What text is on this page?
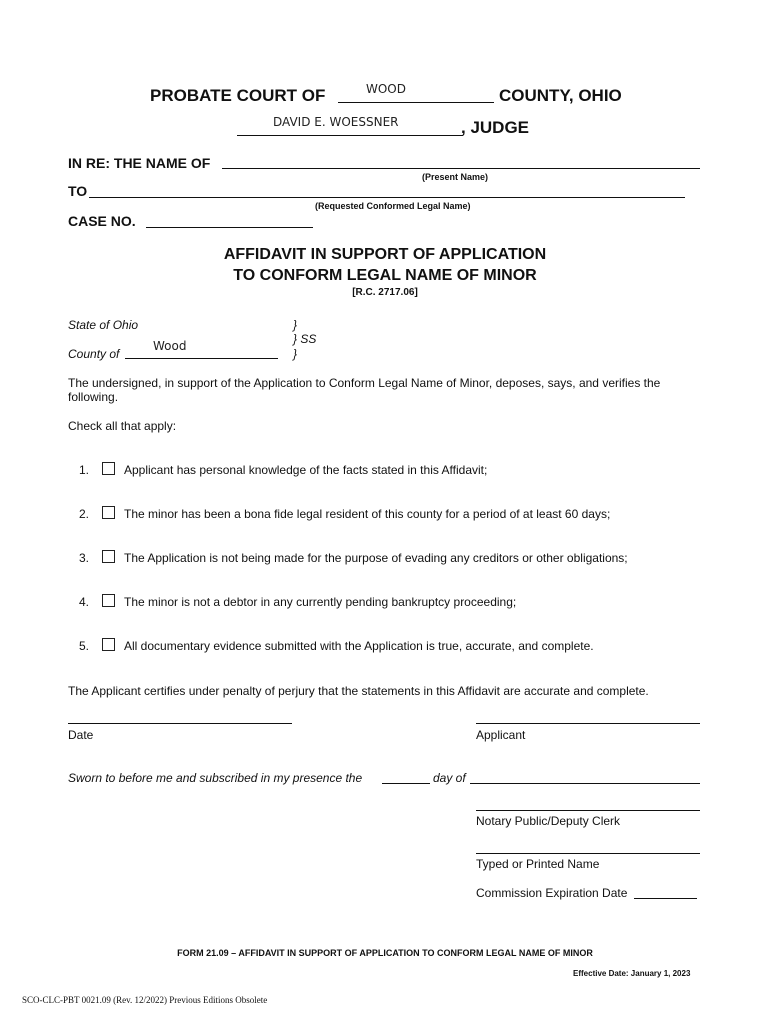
PROBATE COURT OF	WOOD	COUNTY, OHIO
DAVID E. WOESSNER	, JUDGE
IN RE: THE NAME OF
(Present Name)
TO
(Requested Conformed Legal Name)
CASE NO.
AFFIDAVIT IN SUPPORT OF APPLICATION
TO CONFORM LEGAL NAME OF MINOR
[R.C. 2717.06]
State of Ohio
County of
Wood
}
} SS
}
The undersigned, in support of the Application to Conform Legal Name of Minor, deposes, says, and verifies the
following.
Check all that apply:
1.	Applicant has personal knowledge of the facts stated in this Affidavit;
2.	The minor has been a bona fide legal resident of this county for a period of at least 60 days;
3.	The Application is not being made for the purpose of evading any creditors or other obligations;
4.	The minor is not a debtor in any currently pending bankruptcy proceeding;
5.	All documentary evidence submitted with the Application is true, accurate, and complete.
The Applicant certifies under penalty of perjury that the statements in this Affidavit are accurate and complete.
Date	Applicant
Sworn to before me and subscribed in my presence the	day of
Notary Public/Deputy Clerk
Typed or Printed Name
Commission Expiration Date
FORM 21.09 – AFFIDAVIT IN SUPPORT OF APPLICATION TO CONFORM LEGAL NAME OF MINOR
Effective Date: January 1, 2023
SCO-CLC-PBT 0021.09 (Rev. 12/2022) Previous Editions Obsolete
